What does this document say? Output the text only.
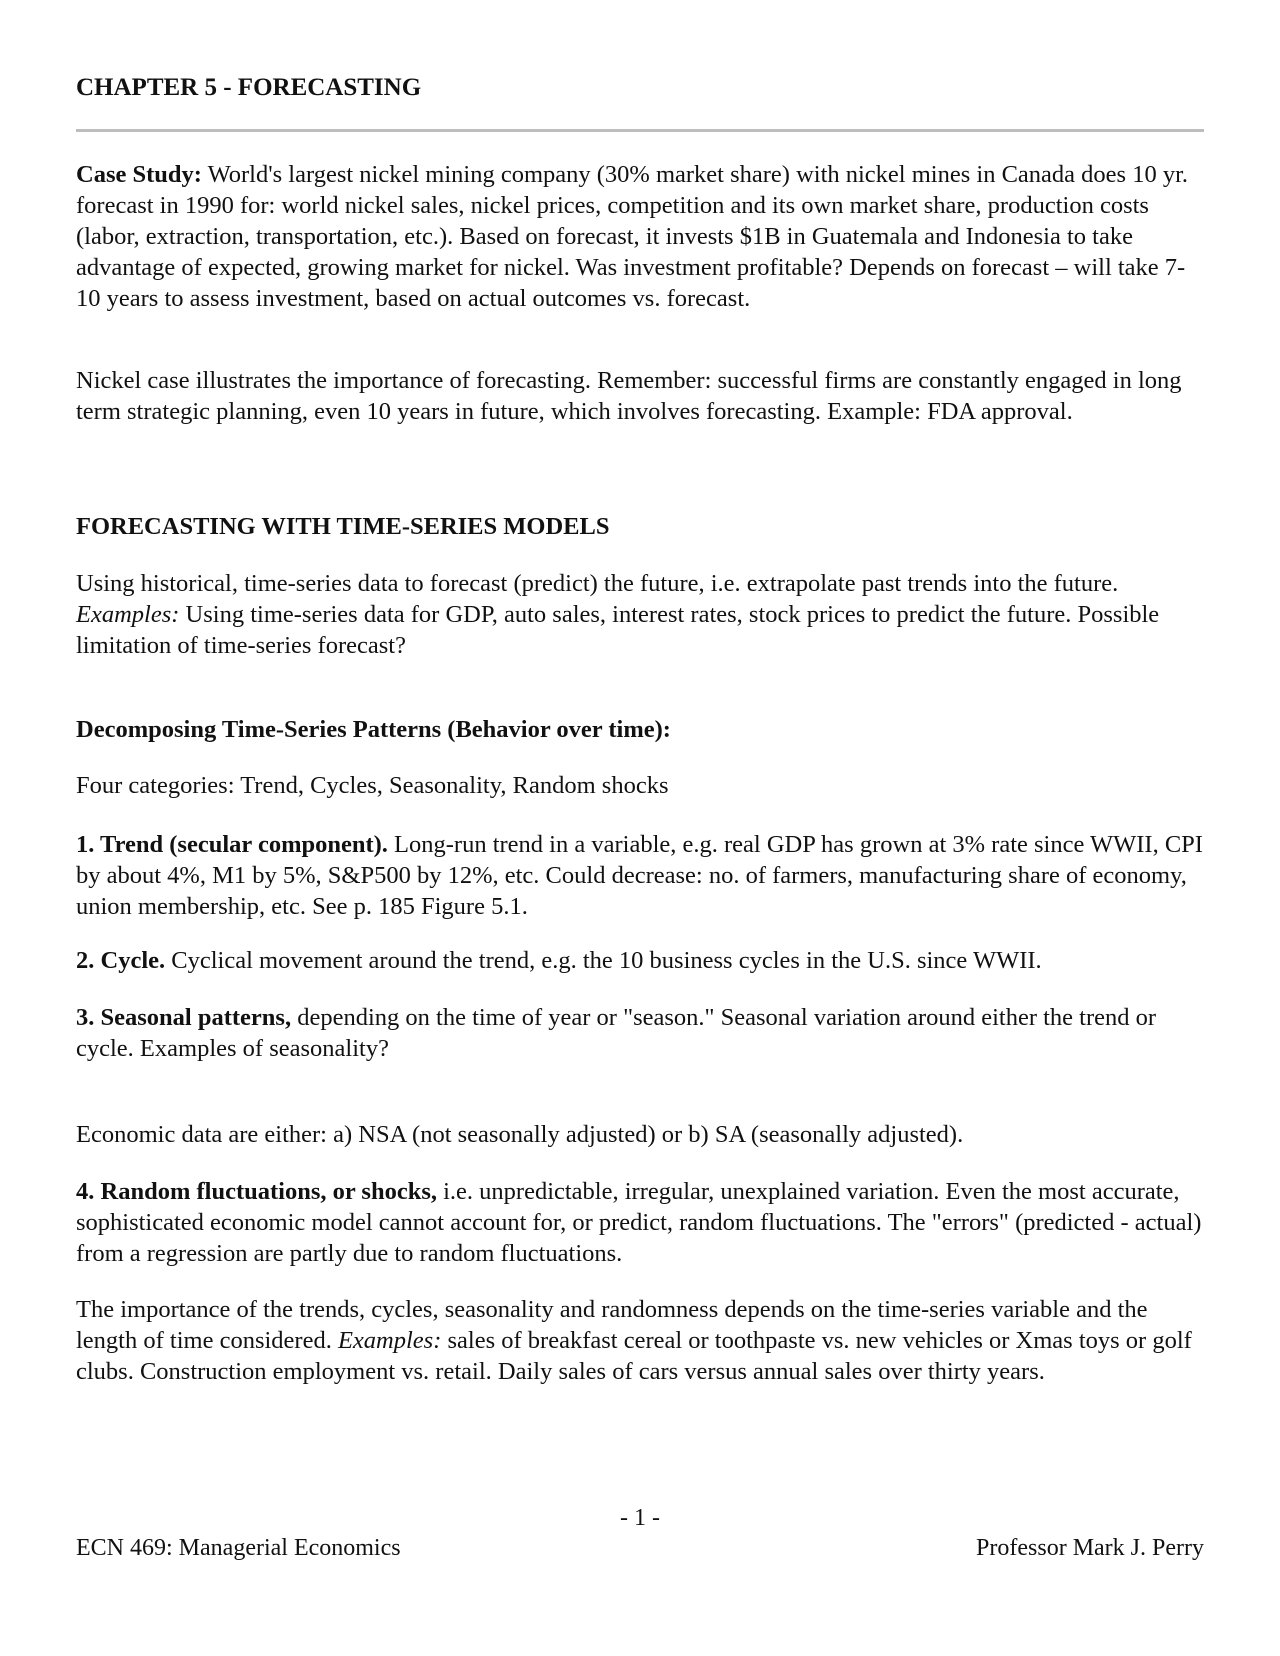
CHAPTER 5 - FORECASTING

Case Study: World's largest nickel mining company (30% market share) with nickel mines in Canada does 10 yr. forecast in 1990 for: world nickel sales, nickel prices, competition and its own market share, production costs (labor, extraction, transportation, etc.). Based on forecast, it invests $1B in Guatemala and Indonesia to take advantage of expected, growing market for nickel. Was investment profitable? Depends on forecast – will take 7-10 years to assess investment, based on actual outcomes vs. forecast.

Nickel case illustrates the importance of forecasting. Remember: successful firms are constantly engaged in long term strategic planning, even 10 years in future, which involves forecasting. Example: FDA approval.

FORECASTING WITH TIME-SERIES MODELS

Using historical, time-series data to forecast (predict) the future, i.e. extrapolate past trends into the future. Examples: Using time-series data for GDP, auto sales, interest rates, stock prices to predict the future. Possible limitation of time-series forecast?

Decomposing Time-Series Patterns (Behavior over time):

Four categories: Trend, Cycles, Seasonality, Random shocks

1. Trend (secular component). Long-run trend in a variable, e.g. real GDP has grown at 3% rate since WWII, CPI by about 4%, M1 by 5%, S&P500 by 12%, etc. Could decrease: no. of farmers, manufacturing share of economy, union membership, etc. See p. 185 Figure 5.1.

2. Cycle. Cyclical movement around the trend, e.g. the 10 business cycles in the U.S. since WWII.

3. Seasonal patterns, depending on the time of year or "season." Seasonal variation around either the trend or cycle. Examples of seasonality?

Economic data are either: a) NSA (not seasonally adjusted) or b) SA (seasonally adjusted).

4. Random fluctuations, or shocks, i.e. unpredictable, irregular, unexplained variation. Even the most accurate, sophisticated economic model cannot account for, or predict, random fluctuations. The "errors" (predicted - actual) from a regression are partly due to random fluctuations.

The importance of the trends, cycles, seasonality and randomness depends on the time-series variable and the length of time considered. Examples: sales of breakfast cereal or toothpaste vs. new vehicles or Xmas toys or golf clubs. Construction employment vs. retail. Daily sales of cars versus annual sales over thirty years.

- 1 -
ECN 469: Managerial Economics	Professor Mark J. Perry
